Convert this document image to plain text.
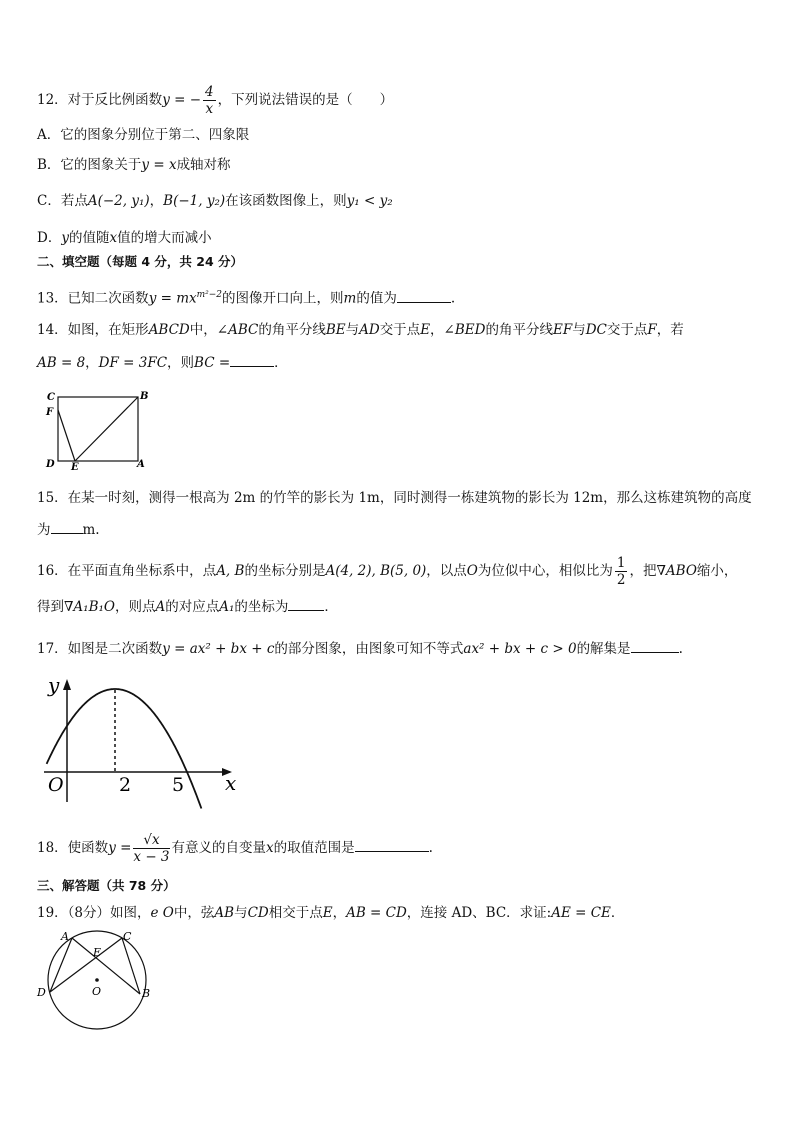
12．对于反比例函数y = − $\frac{4}{x}$ ，下列说法错误的是（　　）
A．它的图象分别位于第二、四象限
B．它的图象关于y = x成轴对称
C．若点A(−2, y₁)，B(−1, y₂)在该函数图像上，则y₁ < y₂
D．y的值随x值的增大而减小
二、填空题（每题 4 分，共 24 分）
13．已知二次函数$y = mx^{m^2-2}$的图像开口向上，则m的值为	.
14．如图，在矩形ABCD中，∠ABC的角平分线BE与AD交于点E，∠BED的角平分线EF与DC交于点F，若
AB = 8，DF = 3FC，则BC =	．
C	B
F
D E	A
15．在某一时刻，测得一根高为 2m 的竹竿的影长为 1m，同时测得一栋建筑物的影长为 12m，那么这栋建筑物的高度
为 m.
16．在平面直角坐标系中，点A, B的坐标分别是A(4, 2), B(5, 0)，以点O为位似中心，相似比为 $\frac{1}{2}$ ，把∇ABO缩小，
得到∇A₁B₁O，则点A的对应点A₁的坐标为	．
17．如图是二次函数y = ax² + bx + c的部分图象，由图象可知不等式ax² + bx + c > 0的解集是	.
y
x
O	2 5
18．使函数$y = \frac{√x}{x - 3}$ 有意义的自变量x的取值范围是	.
三、解答题（共 78 分）
19．（8分）如图，e O中，弦AB与CD相交于点E，AB = CD，连接 AD、BC．求证:AE = CE．
A	C
E
O
D	B
